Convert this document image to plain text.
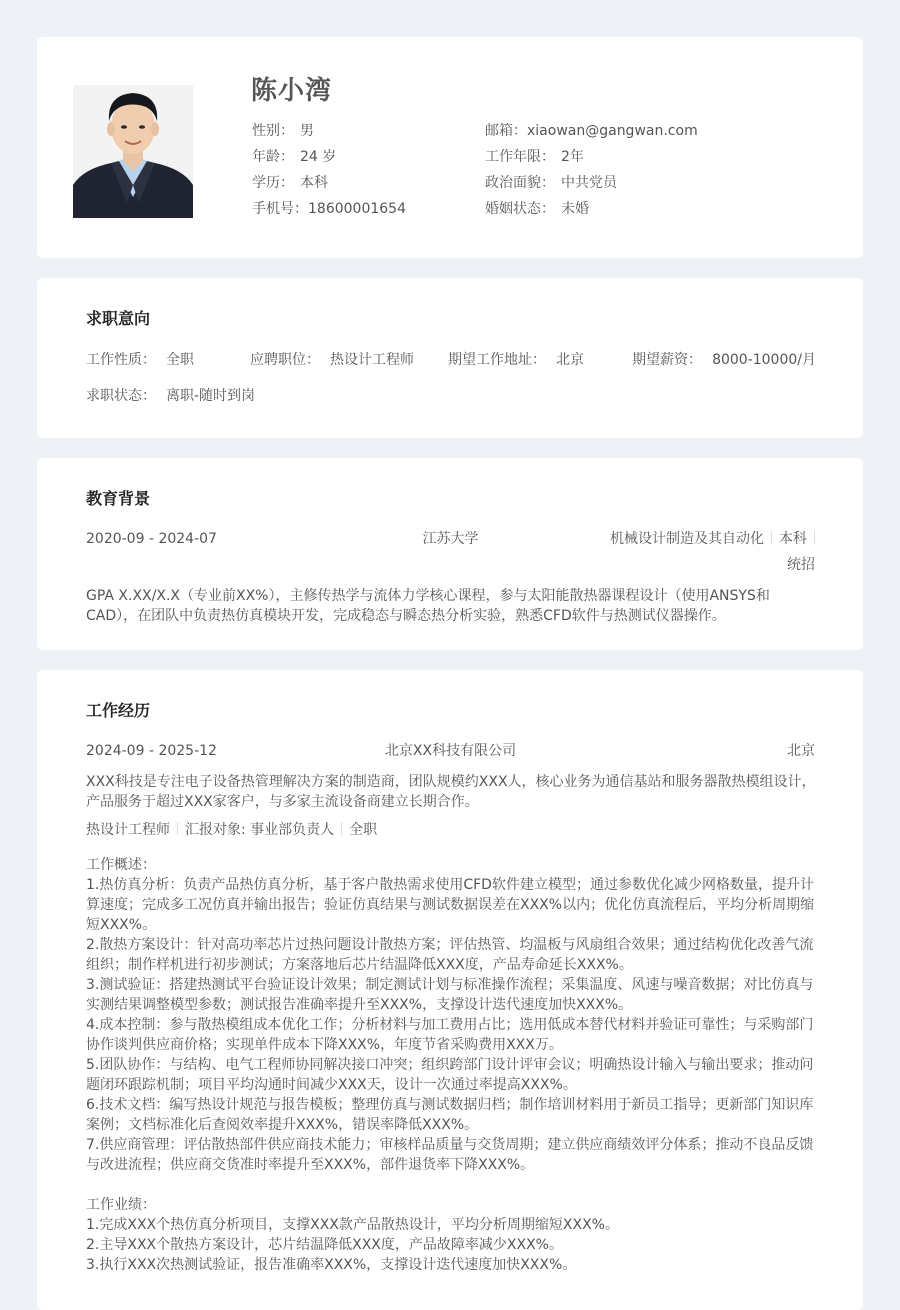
陈小湾
性别： 男
年龄： 24 岁
学历： 本科
手机号：18600001654
邮箱：xiaowan@gangwan.com
工作年限： 2年
政治面貌： 中共党员
婚姻状态： 未婚
求职意向
工作性质： 全职	应聘职位： 热设计工程师 期望工作地址： 北京	期望薪资： 8000-10000/月
求职状态： 离职-随时到岗
教育背景
2020-09 - 2024-07	江苏大学	机械设计制造及其自动化 本科
统招

GPA X.XX/X.X（专业前XX%），主修传热学与流体力学核心课程，参与太阳能散热器课程设计（使用ANSYS和CAD），在团队中负责热仿真模块开发，完成稳态与瞬态热分析实验，熟悉CFD软件与热测试仪器操作。

工作经历
2024-09 - 2025-12	北京XX科技有限公司	北京

XXX科技是专注电子设备热管理解决方案的制造商，团队规模约XXX人，核心业务为通信基站和服务器散热模组设计，产品服务于超过XXX家客户，与多家主流设备商建立长期合作。

热设计工程师 汇报对象: 事业部负责人 全职
工作概述：
1.热仿真分析：负责产品热仿真分析，基于客户散热需求使用CFD软件建立模型；通过参数优化减少网格数量，提升计算速度；完成多工况仿真并输出报告；验证仿真结果与测试数据误差在XXX%以内；优化仿真流程后，平均分析周期缩短XXX%。
2.散热方案设计：针对高功率芯片过热问题设计散热方案；评估热管、均温板与风扇组合效果；通过结构优化改善气流组织；制作样机进行初步测试；方案落地后芯片结温降低XXX度，产品寿命延长XXX%。
3.测试验证：搭建热测试平台验证设计效果；制定测试计划与标准操作流程；采集温度、风速与噪音数据；对比仿真与实测结果调整模型参数；测试报告准确率提升至XXX%，支撑设计迭代速度加快XXX%。
4.成本控制：参与散热模组成本优化工作；分析材料与加工费用占比；选用低成本替代材料并验证可靠性；与采购部门协作谈判供应商价格；实现单件成本下降XXX%，年度节省采购费用XXX万。
5.团队协作：与结构、电气工程师协同解决接口冲突；组织跨部门设计评审会议；明确热设计输入与输出要求；推动问题闭环跟踪机制；项目平均沟通时间减少XXX天，设计一次通过率提高XXX%。
6.技术文档：编写热设计规范与报告模板；整理仿真与测试数据归档；制作培训材料用于新员工指导；更新部门知识库案例；文档标准化后查阅效率提升XXX%，错误率降低XXX%。
7.供应商管理：评估散热部件供应商技术能力；审核样品质量与交货周期；建立供应商绩效评分体系；推动不良品反馈与改进流程；供应商交货准时率提升至XXX%，部件退货率下降XXX%。
工作业绩：
1.完成XXX个热仿真分析项目，支撑XXX款产品散热设计，平均分析周期缩短XXX%。
2.主导XXX个散热方案设计，芯片结温降低XXX度，产品故障率减少XXX%。
3.执行XXX次热测试验证，报告准确率XXX%，支撑设计迭代速度加快XXX%。
